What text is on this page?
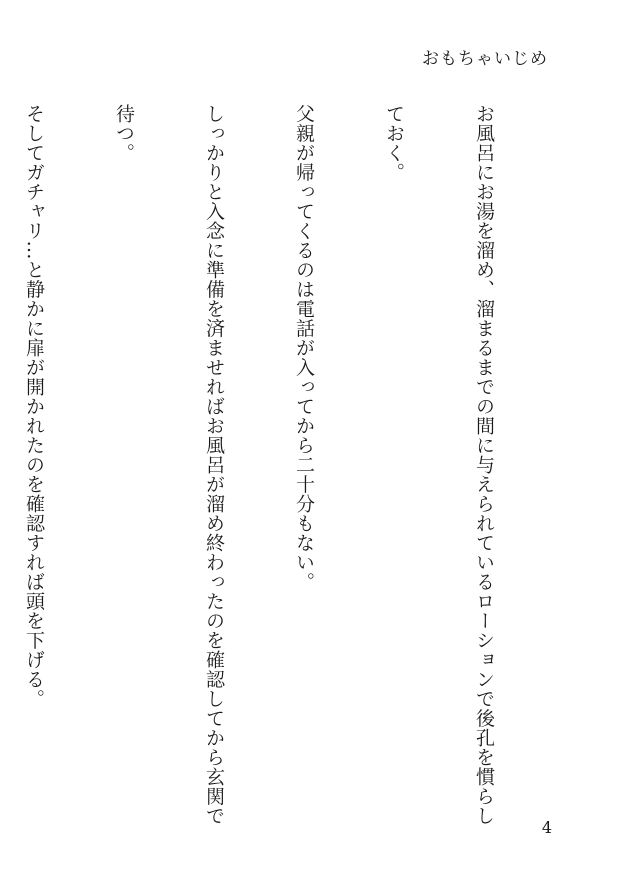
おもちゃいじめ

お風呂にお湯を溜め、溜まるまでの間に与えられているローションで後孔を慣らし

ておく。

父親が帰ってくるのは電話が入ってから二十分もない。

しっかりと入念に準備を済ませればお風呂が溜め終わったのを確認してから玄関で

待つ。

そしてガチャリ…と静かに扉が開かれたのを確認すれば頭を下げる。

4
